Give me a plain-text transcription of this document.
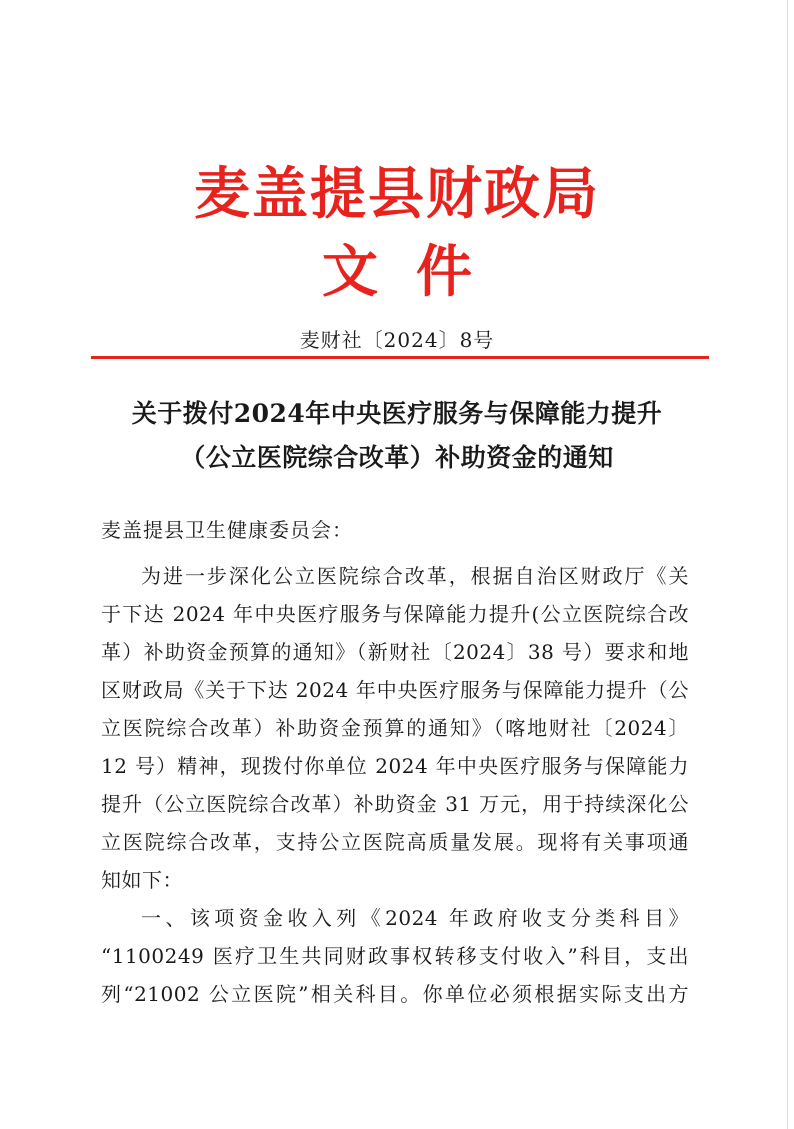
麦盖提县财政局
文件
麦财社〔2024〕8号
关于拨付2024年中央医疗服务与保障能力提升
（公立医院综合改革）补助资金的通知
麦盖提县卫生健康委员会：
为进一步深化公立医院综合改革，根据自治区财政厅《关
于下达 2024 年中央医疗服务与保障能力提升(公立医院综合改
革）补助资金预算的通知》（新财社〔2024〕38 号）要求和地
区财政局《关于下达 2024 年中央医疗服务与保障能力提升（公
立医院综合改革）补助资金预算的通知》（喀地财社〔2024〕
12 号）精神，现拨付你单位 2024 年中央医疗服务与保障能力
提升（公立医院综合改革）补助资金 31 万元，用于持续深化公
立医院综合改革，支持公立医院高质量发展。现将有关事项通
知如下：
一、该项资金收入列《2024 年政府收支分类科目》
“1100249 医疗卫生共同财政事权转移支付收入”科目，支出
列“21002 公立医院”相关科目。你单位必须根据实际支出方
